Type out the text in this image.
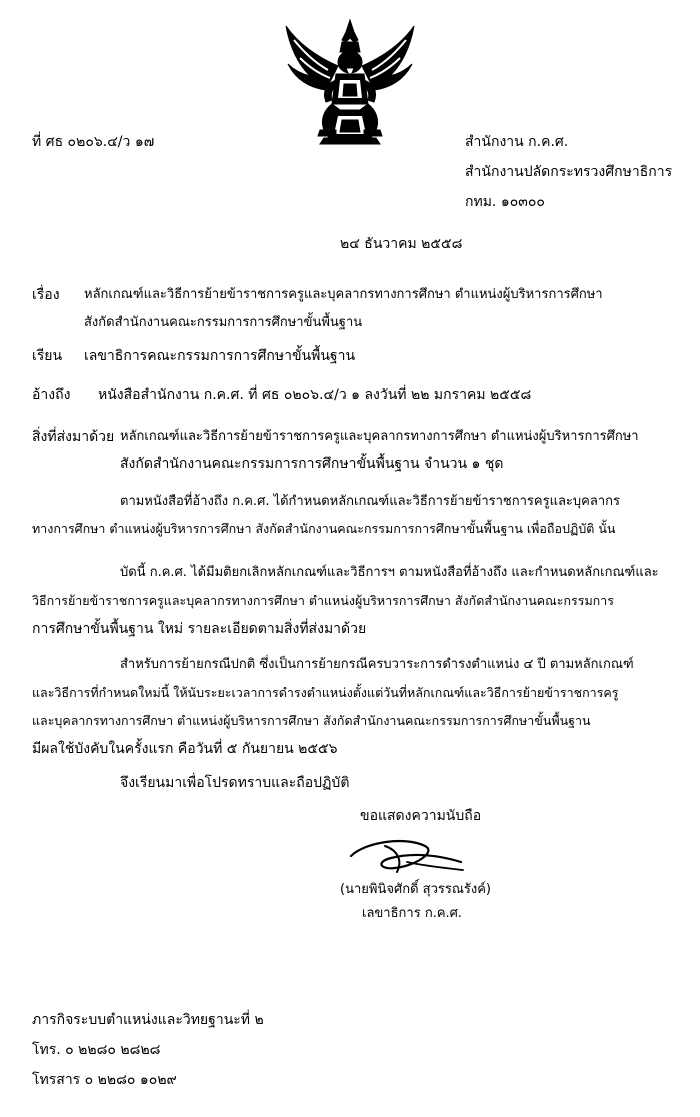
ที่ ศธ ๐๒๐๖.๔/ว ๑๗	สำนักงาน ก.ค.ศ.
สำนักงานปลัดกระทรวงศึกษาธิการ
กทม. ๑๐๓๐๐
๒๔ ธันวาคม ๒๕๕๘
เรื่อง หลักเกณฑ์และวิธีการย้ายข้าราชการครูและบุคลากรทางการศึกษา ตำแหน่งผู้บริหารการศึกษา
สังกัดสำนักงานคณะกรรมการการศึกษาขั้นพื้นฐาน
เรียน เลขาธิการคณะกรรมการการศึกษาขั้นพื้นฐาน
อ้างถึง หนังสือสำนักงาน ก.ค.ศ. ที่ ศธ ๐๒๐๖.๔/ว ๑ ลงวันที่ ๒๒ มกราคม ๒๕๕๘
สิ่งที่ส่งมาด้วย หลักเกณฑ์และวิธีการย้ายข้าราชการครูและบุคลากรทางการศึกษา ตำแหน่งผู้บริหารการศึกษา
สังกัดสำนักงานคณะกรรมการการศึกษาขั้นพื้นฐาน จำนวน ๑ ชุด
ตามหนังสือที่อ้างถึง ก.ค.ศ. ได้กำหนดหลักเกณฑ์และวิธีการย้ายข้าราชการครูและบุคลากร
ทางการศึกษา ตำแหน่งผู้บริหารการศึกษา สังกัดสำนักงานคณะกรรมการการศึกษาขั้นพื้นฐาน เพื่อถือปฏิบัติ นั้น
บัดนี้ ก.ค.ศ. ได้มีมติยกเลิกหลักเกณฑ์และวิธีการฯ ตามหนังสือที่อ้างถึง และกำหนดหลักเกณฑ์และ
วิธีการย้ายข้าราชการครูและบุคลากรทางการศึกษา ตำแหน่งผู้บริหารการศึกษา สังกัดสำนักงานคณะกรรมการ
การศึกษาขั้นพื้นฐาน ใหม่ รายละเอียดตามสิ่งที่ส่งมาด้วย
สำหรับการย้ายกรณีปกติ ซึ่งเป็นการย้ายกรณีครบวาระการดำรงตำแหน่ง ๔ ปี ตามหลักเกณฑ์
และวิธีการที่กำหนดใหม่นี้ ให้นับระยะเวลาการดำรงตำแหน่งตั้งแต่วันที่หลักเกณฑ์และวิธีการย้ายข้าราชการครู
และบุคลากรทางการศึกษา ตำแหน่งผู้บริหารการศึกษา สังกัดสำนักงานคณะกรรมการการศึกษาขั้นพื้นฐาน
มีผลใช้บังคับในครั้งแรก คือวันที่ ๕ กันยายน ๒๕๕๖
จึงเรียนมาเพื่อโปรดทราบและถือปฏิบัติ
ขอแสดงความนับถือ
(นายพินิจศักดิ์ สุวรรณรังค์)
เลขาธิการ ก.ค.ศ.
ภารกิจระบบตำแหน่งและวิทยฐานะที่ ๒
โทร. ๐ ๒๒๘๐ ๒๘๒๘
โทรสาร ๐ ๒๒๘๐ ๑๐๒๙
